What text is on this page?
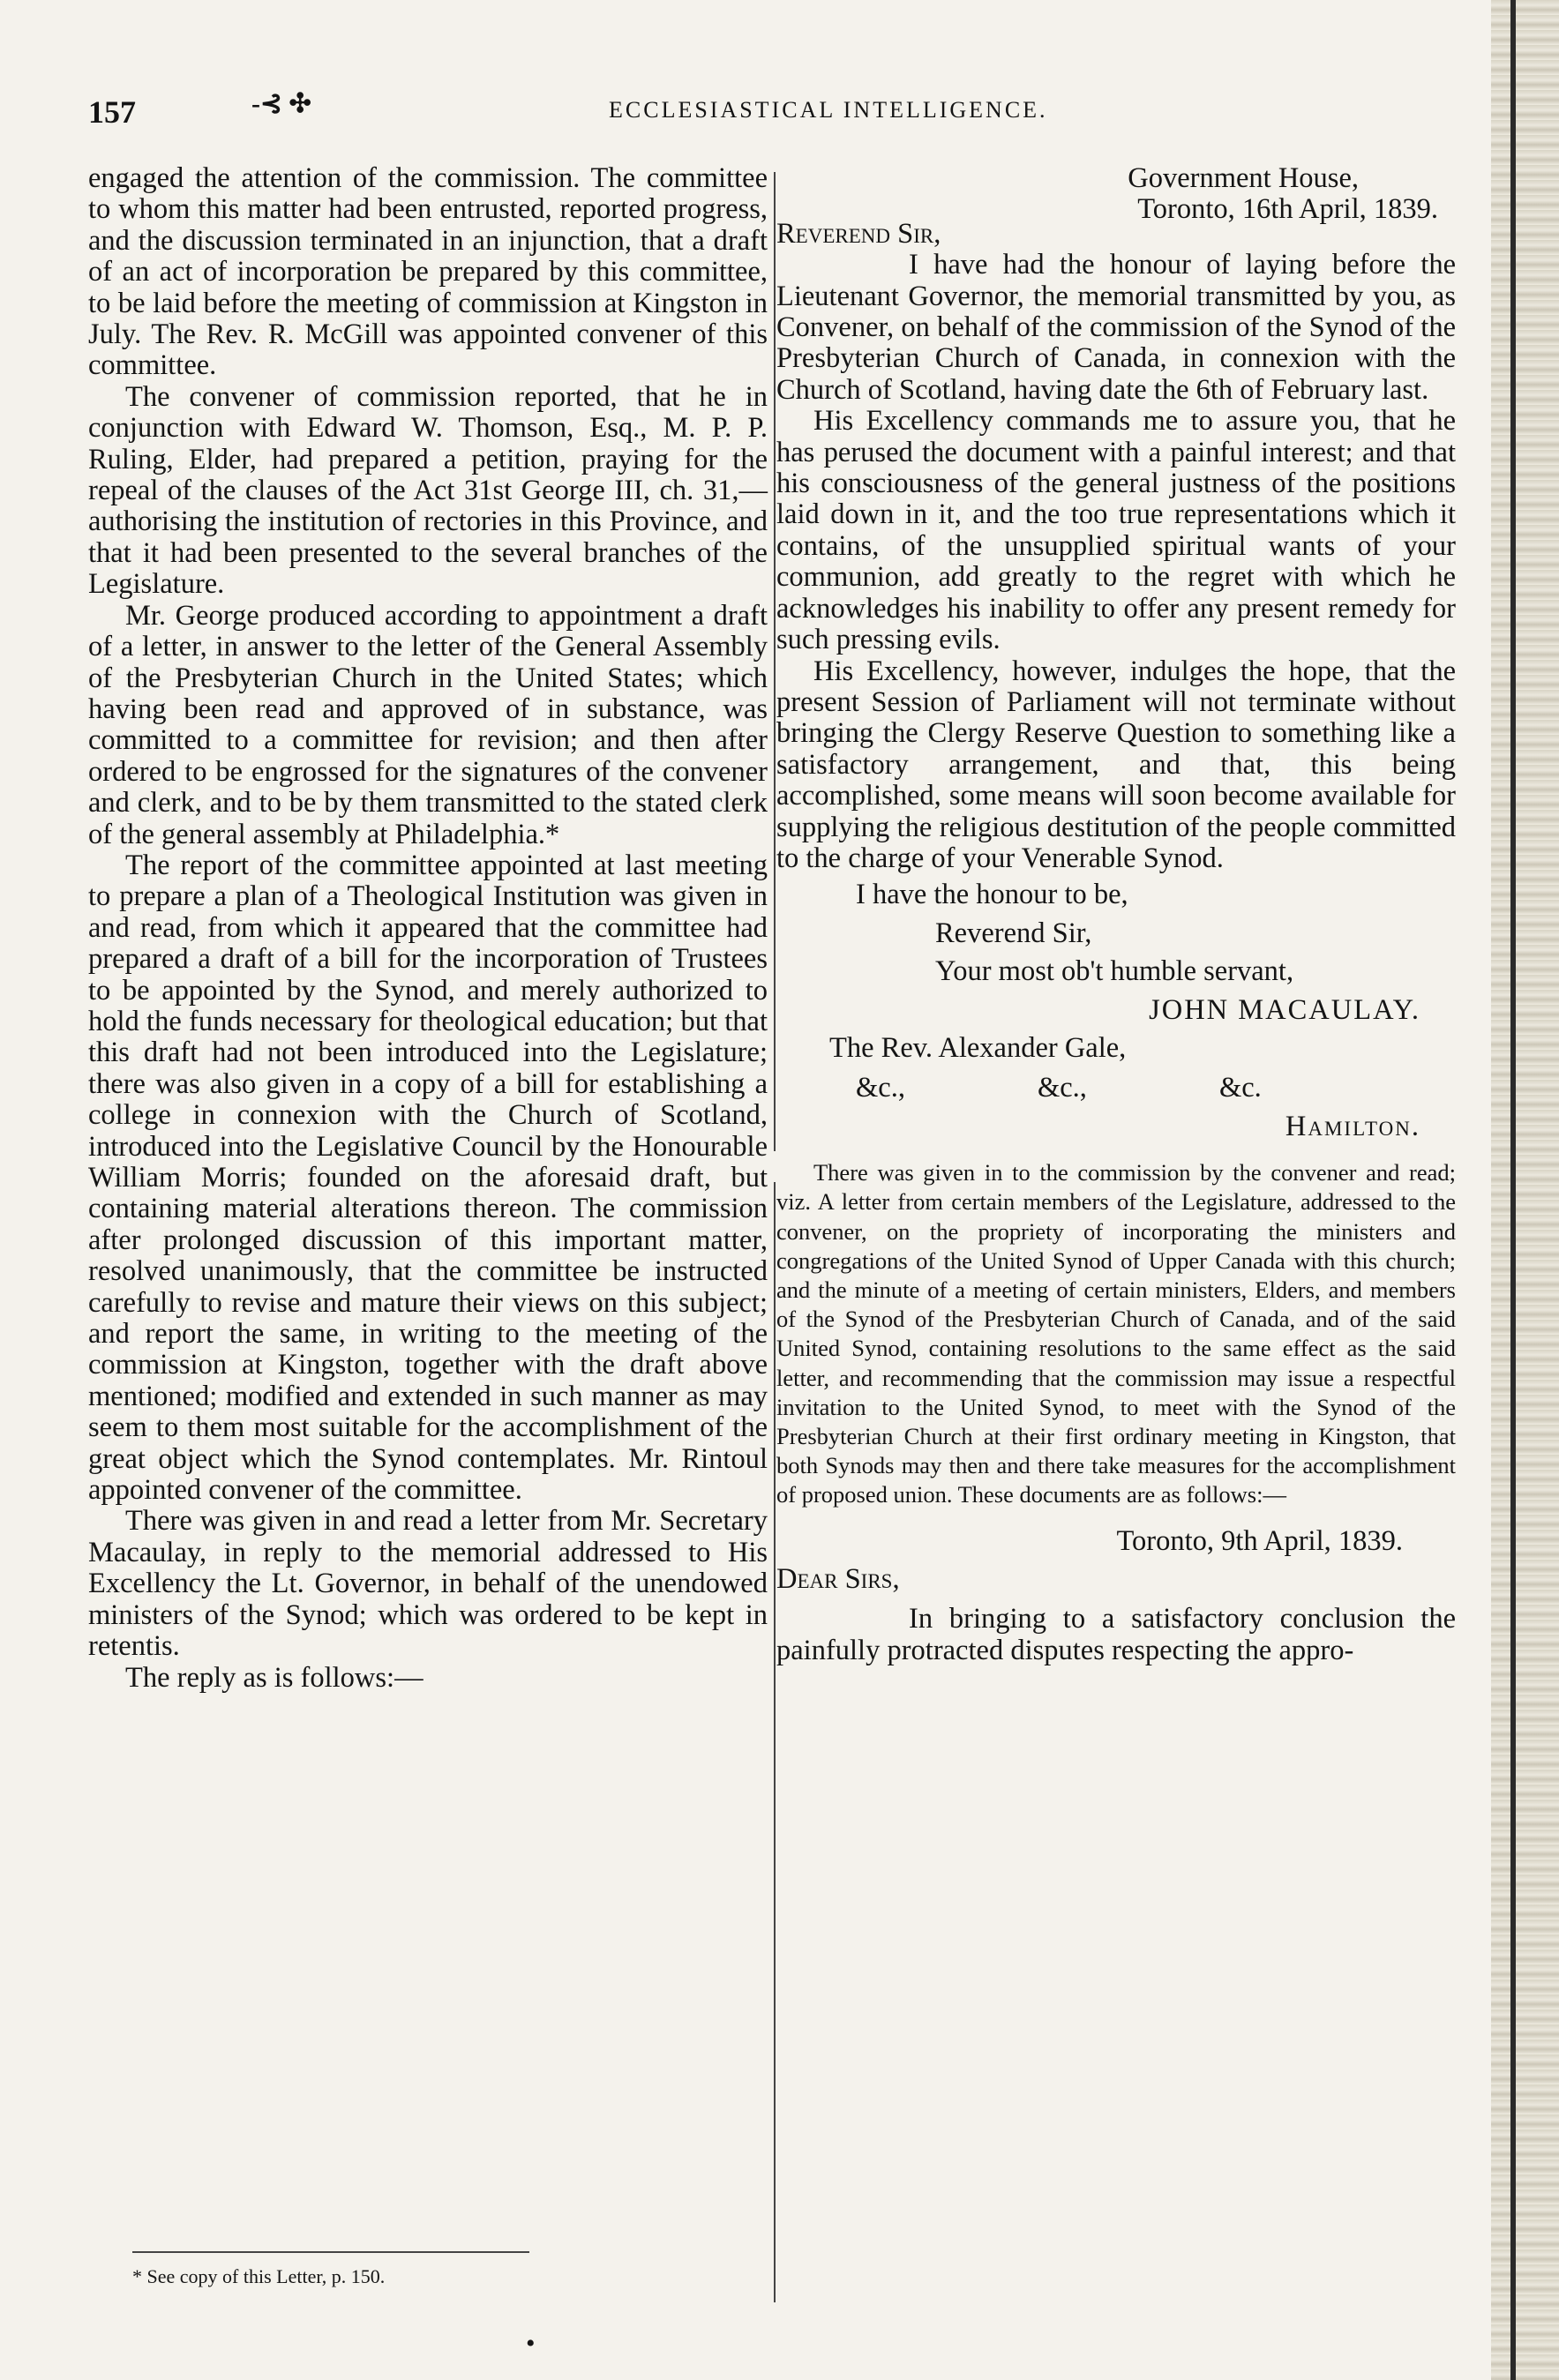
157	-⊰ ✣	ECCLESIASTICAL INTELLIGENCE.

engaged the attention of the commission. The committee to whom this matter had been entrusted, reported progress, and the discussion terminated in an injunction, that a draft of an act of incorporation be prepared by this committee, to be laid before the meeting of commission at Kingston in July. The Rev. R. McGill was appointed convener of this committee.

The convener of commission reported, that he in conjunction with Edward W. Thomson, Esq., M. P. P. Ruling, Elder, had prepared a petition, praying for the repeal of the clauses of the Act 31st George III, ch. 31,—authorising the institution of rectories in this Province, and that it had been presented to the several branches of the Legislature.

Mr. George produced according to appointment a draft of a letter, in answer to the letter of the General Assembly of the Presbyterian Church in the United States; which having been read and approved of in substance, was committed to a committee for revision; and then after ordered to be engrossed for the signatures of the convener and clerk, and to be by them transmitted to the stated clerk of the general assembly at Philadelphia.*

The report of the committee appointed at last meeting to prepare a plan of a Theological Institution was given in and read, from which it appeared that the committee had prepared a draft of a bill for the incorporation of Trustees to be appointed by the Synod, and merely authorized to hold the funds necessary for theological education; but that this draft had not been introduced into the Legislature; there was also given in a copy of a bill for establishing a college in connexion with the Church of Scotland, introduced into the Legislative Council by the Honourable William Morris; founded on the aforesaid draft, but containing material alterations thereon. The commission after prolonged discussion of this important matter, resolved unanimously, that the committee be instructed carefully to revise and mature their views on this subject; and report the same, in writing to the meeting of the commission at Kingston, together with the draft above mentioned; modified and extended in such manner as may seem to them most suitable for the accomplishment of the great object which the Synod contemplates. Mr. Rintoul appointed convener of the committee.

There was given in and read a letter from Mr. Secretary Macaulay, in reply to the memorial addressed to His Excellency the Lt. Governor, in behalf of the unendowed ministers of the Synod; which was ordered to be kept in retentis.

The reply as is follows:—

* See copy of this Letter, p. 150.

Government House,

Toronto, 16th April, 1839.

Reverend Sir,

I have had the honour of laying before the Lieutenant Governor, the memorial transmitted by you, as Convener, on behalf of the commission of the Synod of the Presbyterian Church of Canada, in connexion with the Church of Scotland, having date the 6th of February last.

His Excellency commands me to assure you, that he has perused the document with a painful interest; and that his consciousness of the general justness of the positions laid down in it, and the too true representations which it contains, of the unsupplied spiritual wants of your communion, add greatly to the regret with which he acknowledges his inability to offer any present remedy for such pressing evils.

His Excellency, however, indulges the hope, that the present Session of Parliament will not terminate without bringing the Clergy Reserve Question to something like a satisfactory arrangement, and that, this being accomplished, some means will soon become available for supplying the religious destitution of the people committed to the charge of your Venerable Synod.

I have the honour to be,

Reverend Sir,

Your most ob't humble servant,

JOHN MACAULAY.

The Rev. Alexander Gale,

&c.,	&c.,	&c.

Hamilton.

There was given in to the commission by the convener and read; viz. A letter from certain members of the Legislature, addressed to the convener, on the propriety of incorporating the ministers and congregations of the United Synod of Upper Canada with this church; and the minute of a meeting of certain ministers, Elders, and members of the Synod of the Presbyterian Church of Canada, and of the said United Synod, containing resolutions to the same effect as the said letter, and recommending that the commission may issue a respectful invitation to the United Synod, to meet with the Synod of the Presbyterian Church at their first ordinary meeting in Kingston, that both Synods may then and there take measures for the accomplishment of proposed union. These documents are as follows:—

Toronto, 9th April, 1839.

Dear Sirs,

In bringing to a satisfactory conclusion the painfully protracted disputes respecting the appro-

•
